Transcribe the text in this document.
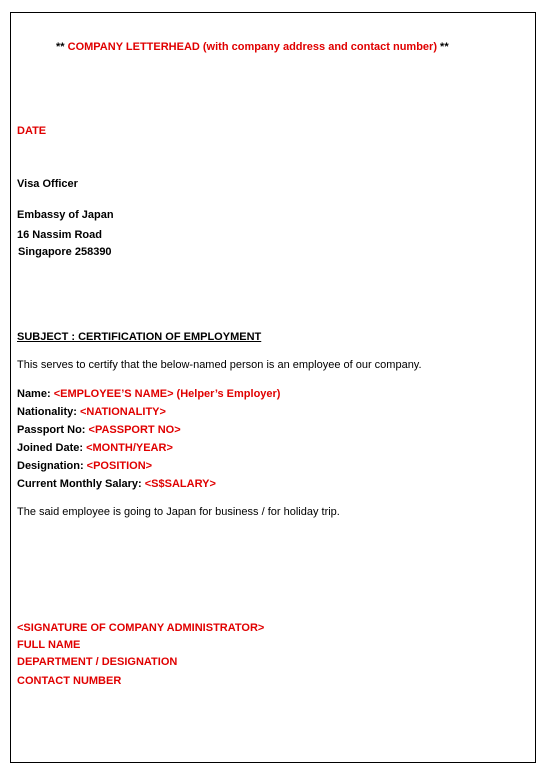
** COMPANY LETTERHEAD (with company address and contact number) **
DATE
Visa Officer
Embassy of Japan
16 Nassim Road
Singapore 258390
SUBJECT : CERTIFICATION OF EMPLOYMENT
This serves to certify that the below-named person is an employee of our company.
Name: <EMPLOYEE’S NAME> (Helper’s Employer)
Nationality: <NATIONALITY>
Passport No: <PASSPORT NO>
Joined Date: <MONTH/YEAR>
Designation: <POSITION>
Current Monthly Salary: <S$SALARY>
The said employee is going to Japan for business / for holiday trip.
<SIGNATURE OF COMPANY ADMINISTRATOR>
FULL NAME
DEPARTMENT / DESIGNATION
CONTACT NUMBER
